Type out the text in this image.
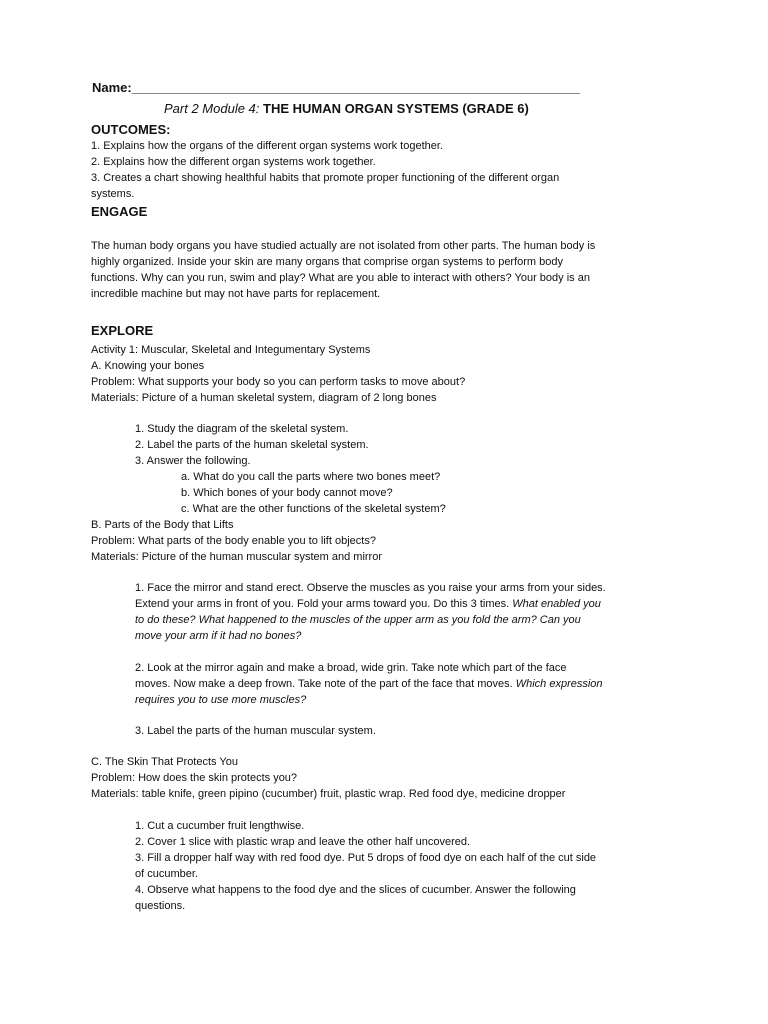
Name:______________________________________________________________
Part 2 Module 4: THE HUMAN ORGAN SYSTEMS (GRADE 6)
OUTCOMES:
1. Explains how the organs of the different organ systems work together.
2. Explains how the different organ systems work together.
3. Creates a chart showing healthful habits that promote proper functioning of the different organ
systems.
ENGAGE
The human body organs you have studied actually are not isolated from other parts. The human body is
highly organized. Inside your skin are many organs that comprise organ systems to perform body
functions. Why can you run, swim and play? What are you able to interact with others? Your body is an
incredible machine but may not have parts for replacement.
EXPLORE
Activity 1: Muscular, Skeletal and Integumentary Systems
A. Knowing your bones
Problem: What supports your body so you can perform tasks to move about?
Materials: Picture of a human skeletal system, diagram of 2 long bones
1. Study the diagram of the skeletal system.
2. Label the parts of the human skeletal system.
3. Answer the following.
a. What do you call the parts where two bones meet?
b. Which bones of your body cannot move?
c. What are the other functions of the skeletal system?
B. Parts of the Body that Lifts
Problem: What parts of the body enable you to lift objects?
Materials: Picture of the human muscular system and mirror
1. Face the mirror and stand erect. Observe the muscles as you raise your arms from your sides.
Extend your arms in front of you. Fold your arms toward you. Do this 3 times. What enabled you
to do these? What happened to the muscles of the upper arm as you fold the arm? Can you
move your arm if it had no bones?
2. Look at the mirror again and make a broad, wide grin. Take note which part of the face
moves. Now make a deep frown. Take note of the part of the face that moves. Which expression
requires you to use more muscles?
3. Label the parts of the human muscular system.
C. The Skin That Protects You
Problem: How does the skin protects you?
Materials: table knife, green pipino (cucumber) fruit, plastic wrap. Red food dye, medicine dropper
1. Cut a cucumber fruit lengthwise.
2. Cover 1 slice with plastic wrap and leave the other half uncovered.
3. Fill a dropper half way with red food dye. Put 5 drops of food dye on each half of the cut side
of cucumber.
4. Observe what happens to the food dye and the slices of cucumber. Answer the following
questions.
